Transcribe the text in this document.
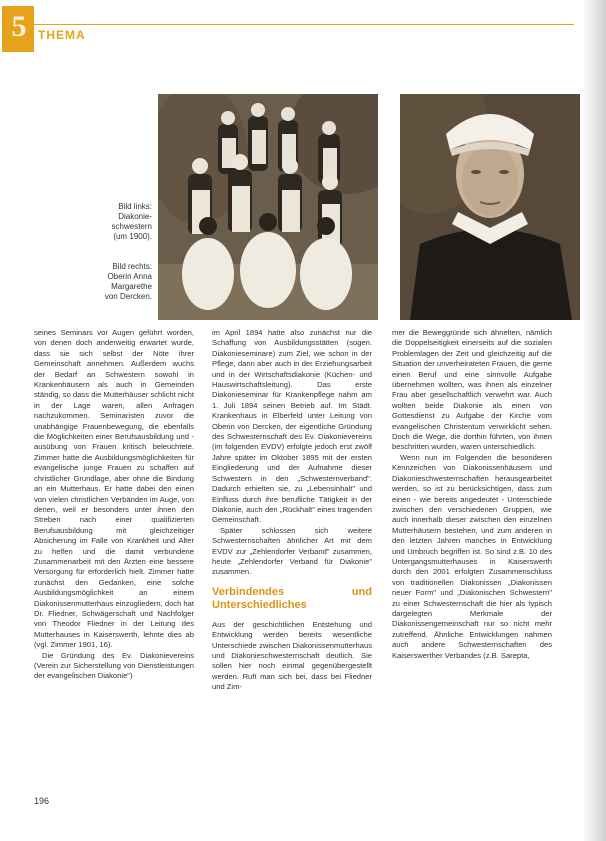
5 THEMA
Bild links: Diakonie-schwestern (um 1900).
Bild rechts: Oberin Anna Margarethe von Dercken.

seines Seminars vor Augen geführt worden, von denen doch anderweitig erwartet wurde, dass sie sich selbst der Nöte ihrer Gemeinschaft annehmen. Außerdem wuchs der Bedarf an Schwestern sowohl in Krankenhäusern als auch in Gemeinden ständig, so dass die Mutterhäuser schlicht nicht in der Lage waren, allen Anfragen nachzukommen. Seminaristen zuvor die unabhängige Frauenbewegung, die ebenfalls die Möglichkeiten einer Berufsausbildung und -ausübung von Frauen kritisch beleuchtete. Zimmer hatte die Ausbildungsmöglichkeiten für evangelische junge Frauen zu schaffen auf christlicher Grundlage, aber ohne die Bindung an ein Mutterhaus. Er hatte dabei den einen von vielen christlichen Verbänden im Auge, von denen, weil er besonders unter ihnen den Streben nach einer qualifizierten Berufsausbildung mit gleichzeitiger Absicherung im Falle von Krankheit und Alter zu helfen und die damit verbundene Zusammenarbeit mit den Ärzten eine bessere Versorgung für erforderlich hielt. Zimmer hatte zunächst den Gedanken, eine solche Ausbildungsmöglichkeit an einem Diakonissenmutterhaus einzugliedern, doch hat Dr. Fliedner, Schwägerschaft und Nachfolger von Theodor Fliedner in der Leitung des Mutterhauses in Kaiserswerth, lehnte dies ab (vgl. Zimmer 1901, 16).

Die Gründung des Ev. Diakonievereins (Verein zur Sicherstellung von Dienstleistungen der evangelischen Diakonie")

im April 1894 hatte also zunächst nur die Schaffung von Ausbildungsstätten (sogen. Diakonieseminare) zum Ziel, wie schon in der Pflege, dann aber auch in der Erziehungsarbeit und in der Wirtschaftsdiakonie (Küchen- und Hauswirtschaftsleitung). Das erste Diakonieseminar für Krankenpflege nahm am 1. Juli 1894 seinen Betrieb auf. Im Städt. Krankenhaus in Elberfeld unter Leitung von Oberin von Dercken, der eigentliche Gründung des Schwesternschaft des Ev. Diakonievereins (im folgenden EVDV) erfolgte jedoch erst zwölf Jahre später im Oktober 1895 mit der ersten Eingliederung und der Aufnahme dieser Schwestern in den „Schwesternverband". Dadurch erhielten sie, zu „Lebensinhalt" und Einfluss durch ihre berufliche Tätigkeit in der Diakonie, auch den „Rückhalt" eines tragenden Gemeinschaft.

Später schlossen sich weitere Schwesternschaften ähnlicher Art mit dem EVDV zur „Zehlendorfer Verband" zusammen, heute „Zehlendorfer Verband für Diakonie" zusammen.

Verbindendes und Unterschiedliches

Aus der geschichtlichen Entstehung und Entwicklung werden bereits wesentliche Unterschiede zwischen Diakonissenmutterhaus und Diakonieschwesternschaft deutlich. Sie sollen hier noch einmal gegenübergestellt werden. Ruft man sich bei, dass bei Fliedner und Zim-

mer die Beweggründe sich ähnelten, nämlich die Doppelseitigkeit einerseits auf die sozialen Problemlagen der Zeit und gleichzeitig auf die Situation der unverheirateten Frauen, die gerne einen Beruf und eine sinnvolle Aufgabe übernehmen wollten, was ihnen als einzelner Frau aber gesellschaftlich verwehrt war. Auch wollten beide Diakonie als einen von Gottesdienst zu Aufgabe der Kirche vom evangelischen Christentum verwirklicht sehen. Doch die Wege, die dorthin führten, von ihnen beschritten wurden, waren unterschiedlich.

Wenn nun im Folgenden die besonderen Kennzeichen von Diakonissenhäusern und Diakonieschwesternschaften herausgearbeitet werden, so ist zu berücksichtigen, dass zum einen - wie bereits angedeutet - Unterschiede zwischen den verschiedenen Gruppen, wie auch innerhalb dieser zwischen den einzelnen Mutterhäusern bestehen, und zum anderen in den letzten Jahren manches in Entwicklung und Umbruch begriffen ist. So sind z.B. 10 des Untergangsmutterhauses in Kaiserswerth durch den 2001 erfolgten Zusammenschluss von traditionellen Diakonissen „Diakonissen neuer Form" und „Diakonischen Schwestern" zu einer Schwesternschaft die hier als typisch dargelegten Merkmale der Diakonissengemeinschaft nur so nicht mehr zutreffend. Ähnliche Entwicklungen nahmen auch andere Schwesternschaften des Kaiserswerther Verbandes (z.B. Sarepta,

196
